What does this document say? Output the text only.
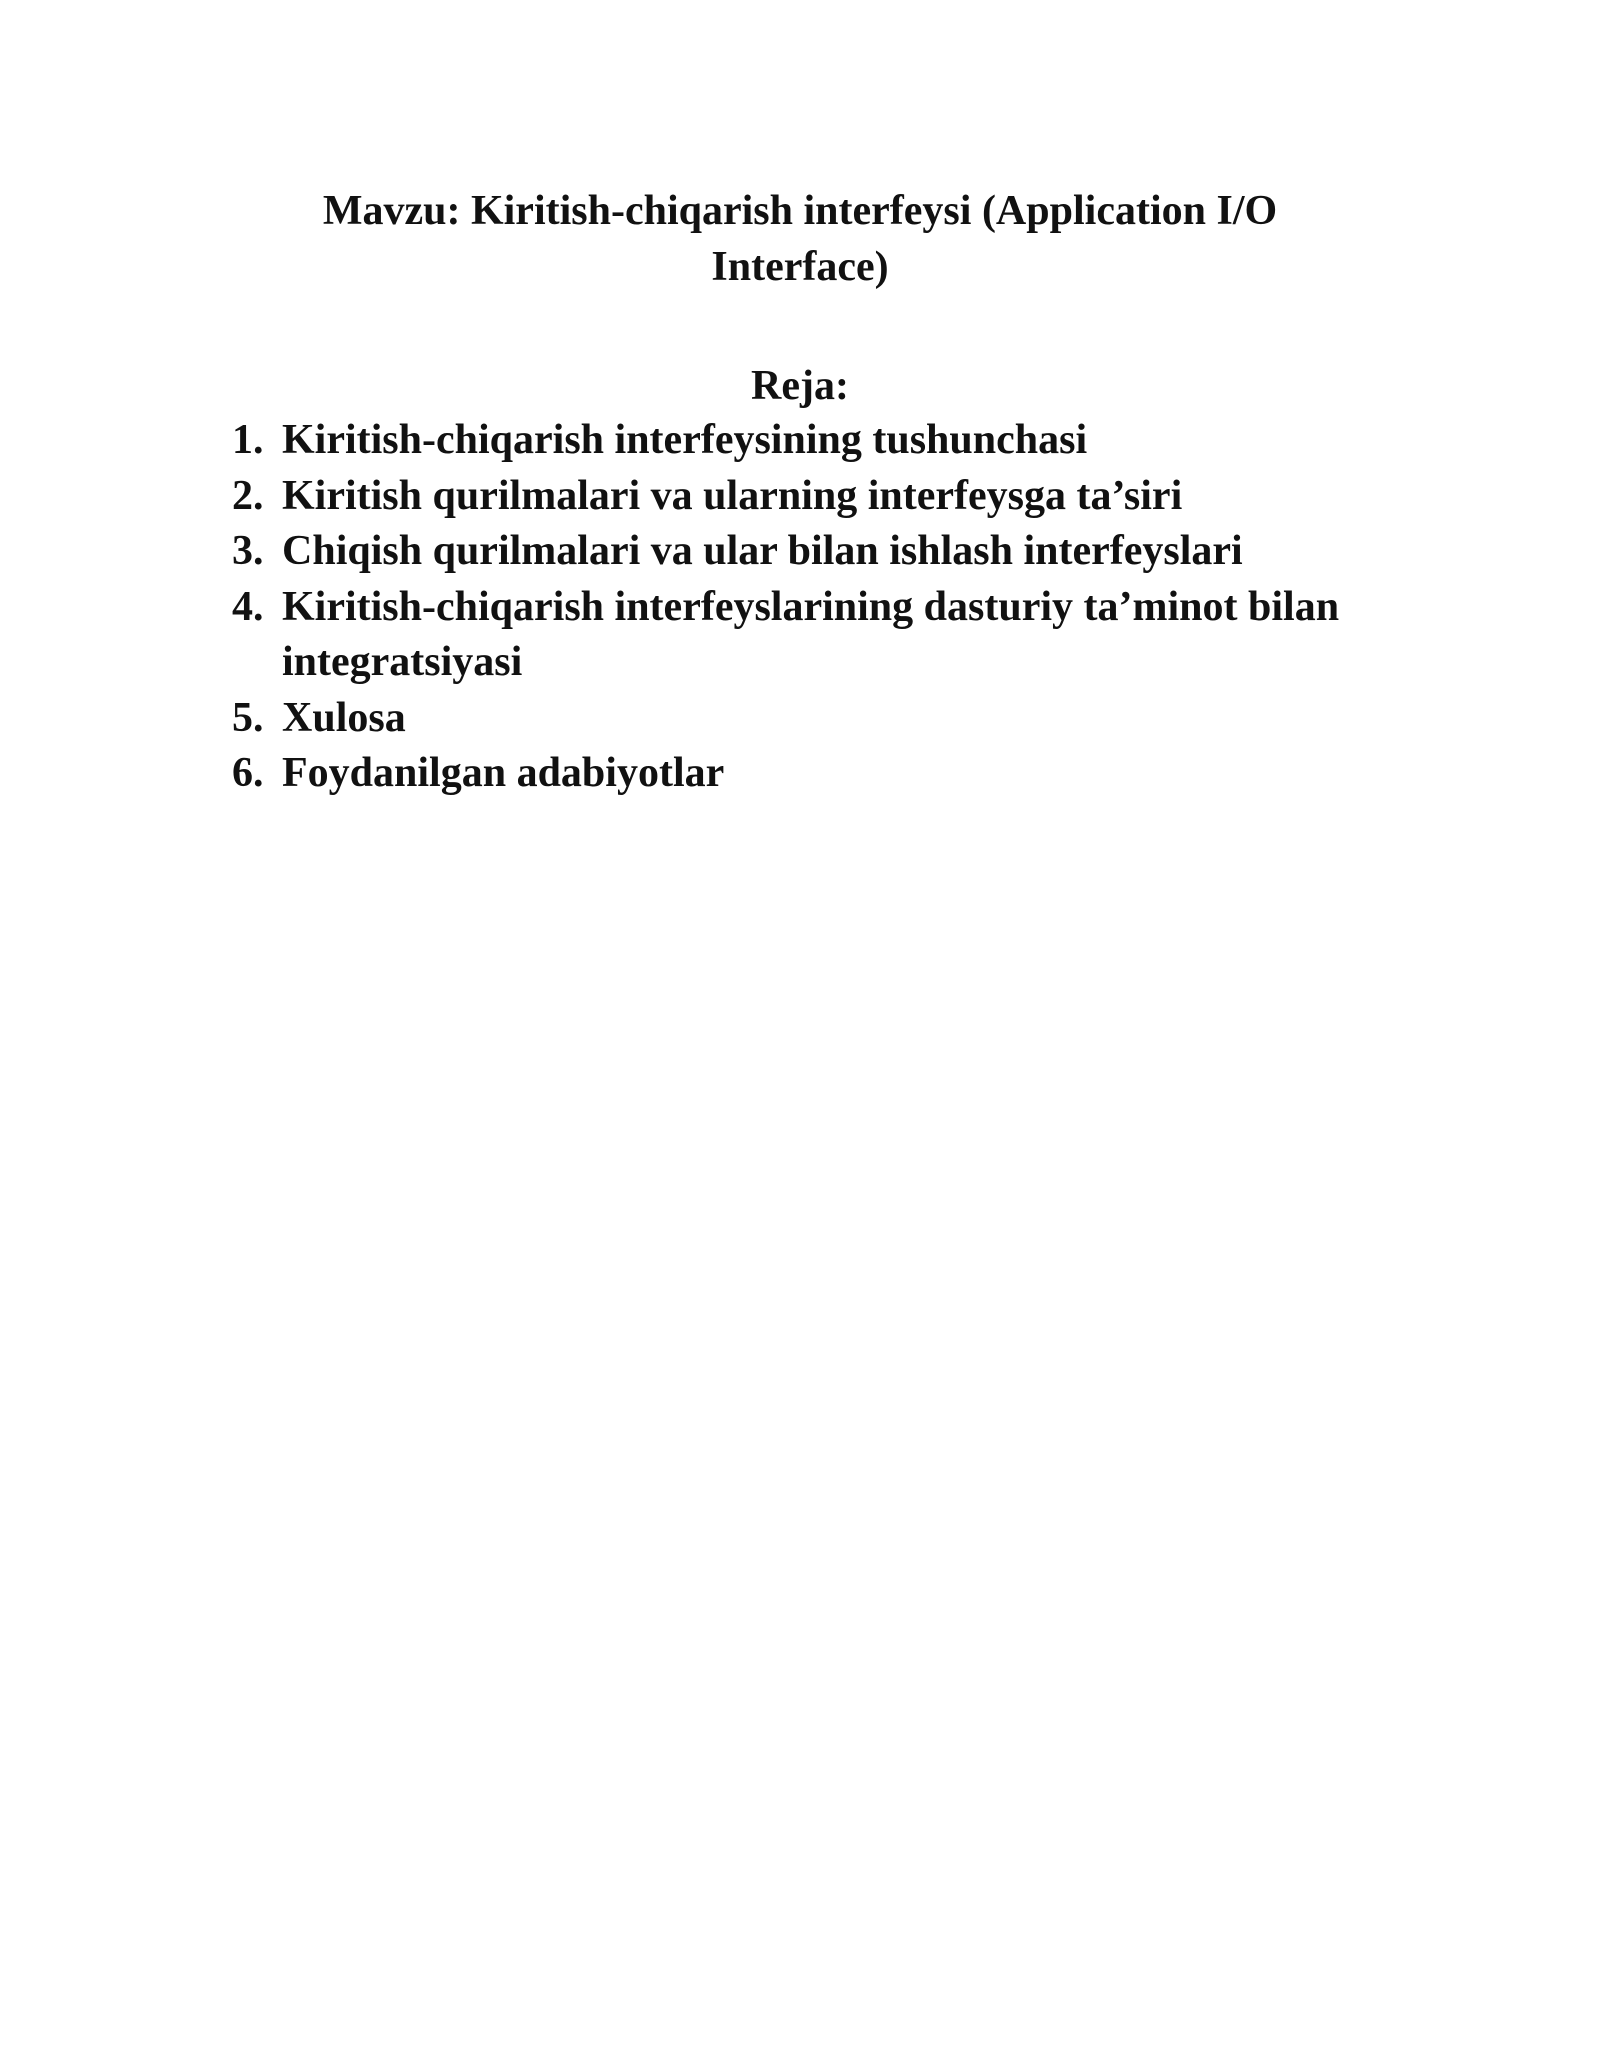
Mavzu: Kiritish-chiqarish interfeysi (Application I/O
Interface)
Reja:
1. Kiritish-chiqarish interfeysining tushunchasi
2. Kiritish qurilmalari va ularning interfeysga ta’siri
3. Chiqish qurilmalari va ular bilan ishlash interfeyslari
4. Kiritish-chiqarish interfeyslarining dasturiy ta’minot bilan integratsiyasi
5. Xulosa
6. Foydanilgan adabiyotlar
